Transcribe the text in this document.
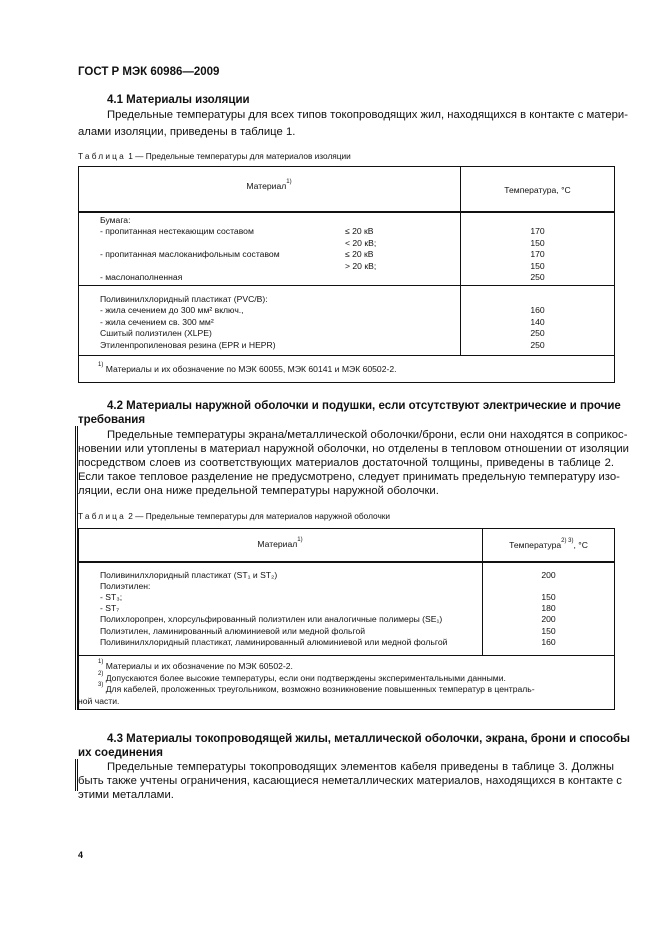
ГОСТ Р МЭК 60986—2009
4.1 Материалы изоляции
Предельные температуры для всех типов токопроводящих жил, находящихся в контакте с матери-
алами изоляции, приведены в таблице 1.
Таблица 1 — Предельные температуры для материалов изоляции
Материал$^{1)}$
Температура, °С
Бумага:
- пропитанная нестекающим составом	≤ 20 кВ	170
< 20 кВ;	150
- пропитанная маслоканифольным составом	≤ 20 кВ	170
> 20 кВ;	150
- маслонаполненная	250
Поливинилхлоридный пластикат (PVC/B):
- жила сечением до 300 мм² включ.,	160
- жила сечением св. 300 мм²	140
Сшитый полиэтилен (XLPE)	250
Этиленпропиленовая резина (EPR и HEPR)	250
$^{1)}$ Материалы и их обозначение по МЭК 60055, МЭК 60141 и МЭК 60502-2.
4.2 Материалы наружной оболочки и подушки, если отсутствуют электрические и прочие
требования
Предельные температуры экрана/металлической оболочки/брони, если они находятся в соприкос-
новении или утоплены в материал наружной оболочки, но отделены в тепловом отношении от изоляции
посредством слоев из соответствующих материалов достаточной толщины, приведены в таблице 2.
Если такое тепловое разделение не предусмотрено, следует принимать предельную температуру изо-
ляции, если она ниже предельной температуры наружной оболочки.
Таблица 2 — Предельные температуры для материалов наружной оболочки
Материал$^{1)}$	Температура$^{2) 3)}$, °С
Поливинилхлоридный пластикат (ST₁ и ST₂)	200
Полиэтилен:
- ST₃;	150
- ST₇	180
Полихлоропрен, хлорсульфированный полиэтилен или аналогичные полимеры (SE₁)	200
Полиэтилен, ламинированный алюминиевой или медной фольгой	150
Поливинилхлоридный пластикат, ламинированный алюминиевой или медной фольгой	160
$^{1)}$ Материалы и их обозначение по МЭК 60502-2.
$^{2)}$ Допускаются более высокие температуры, если они подтверждены экспериментальными данными.
$^{3)}$ Для кабелей, проложенных треугольником, возможно возникновение повышенных температур в централь-
ной части.
4.3 Материалы токопроводящей жилы, металлической оболочки, экрана, брони и способы
их соединения
Предельные температуры токопроводящих элементов кабеля приведены в таблице 3. Должны
быть также учтены ограничения, касающиеся неметаллических материалов, находящихся в контакте с
этими металлами.
4
